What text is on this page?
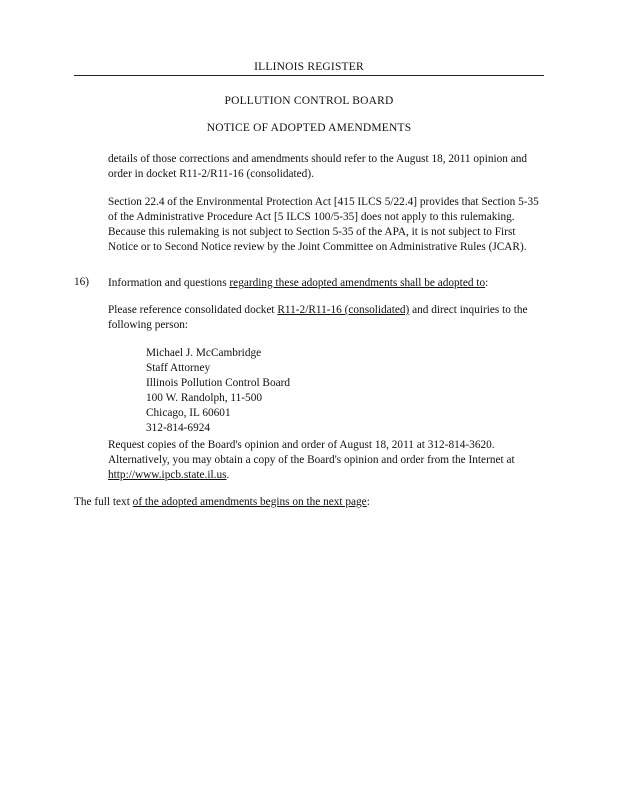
ILLINOIS REGISTER
POLLUTION CONTROL BOARD
NOTICE OF ADOPTED AMENDMENTS
details of those corrections and amendments should refer to the August 18, 2011 opinion and order in docket R11-2/R11-16 (consolidated).
Section 22.4 of the Environmental Protection Act [415 ILCS 5/22.4] provides that Section 5-35 of the Administrative Procedure Act [5 ILCS 100/5-35] does not apply to this rulemaking. Because this rulemaking is not subject to Section 5-35 of the APA, it is not subject to First Notice or to Second Notice review by the Joint Committee on Administrative Rules (JCAR).
16) Information and questions regarding these adopted amendments shall be adopted to:
Please reference consolidated docket R11-2/R11-16 (consolidated) and direct inquiries to the following person:
Michael J. McCambridge
Staff Attorney
Illinois Pollution Control Board
100 W. Randolph, 11-500
Chicago, IL 60601
312-814-6924
Request copies of the Board's opinion and order of August 18, 2011 at 312-814-3620. Alternatively, you may obtain a copy of the Board's opinion and order from the Internet at http://www.ipcb.state.il.us.
The full text of the adopted amendments begins on the next page:
